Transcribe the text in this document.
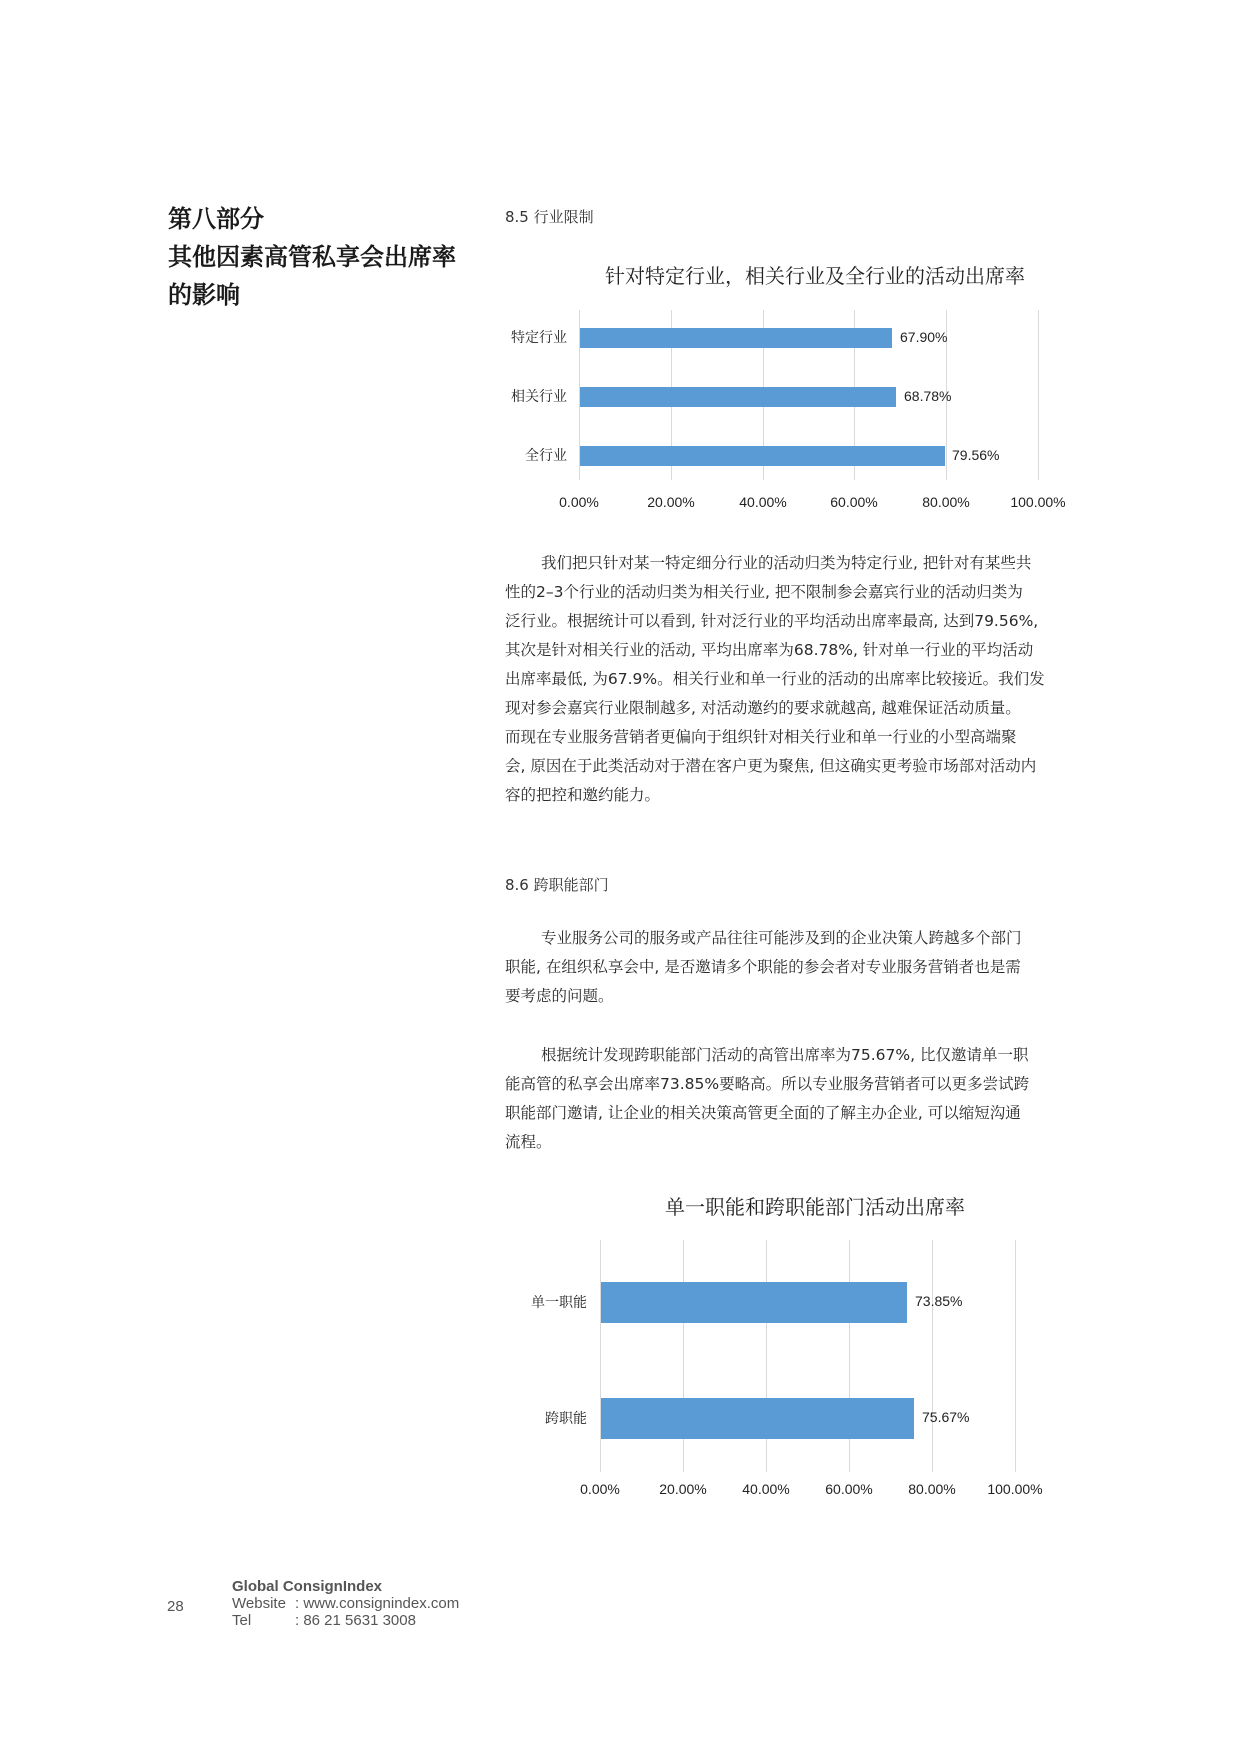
第八部分
其他因素高管私享会出席率
的影响
8.5 行业限制
针对特定行业，相关行业及全行业的活动出席率
特定行业	67.90%
相关行业	68.78%
全行业	79.56%
0.00%	20.00%	40.00%	60.00%	80.00%	100.00%
我们把只针对某一特定细分行业的活动归类为特定行业, 把针对有某些共
性的2–3个行业的活动归类为相关行业, 把不限制参会嘉宾行业的活动归类为
泛行业。根据统计可以看到, 针对泛行业的平均活动出席率最高, 达到79.56%,
其次是针对相关行业的活动, 平均出席率为68.78%, 针对单一行业的平均活动
出席率最低, 为67.9%。相关行业和单一行业的活动的出席率比较接近。我们发
现对参会嘉宾行业限制越多, 对活动邀约的要求就越高, 越难保证活动质量。
而现在专业服务营销者更偏向于组织针对相关行业和单一行业的小型高端聚
会, 原因在于此类活动对于潜在客户更为聚焦, 但这确实更考验市场部对活动内
容的把控和邀约能力。
8.6 跨职能部门
专业服务公司的服务或产品往往可能涉及到的企业决策人跨越多个部门
职能, 在组织私享会中, 是否邀请多个职能的参会者对专业服务营销者也是需
要考虑的问题。
根据统计发现跨职能部门活动的高管出席率为75.67%, 比仅邀请单一职
能高管的私享会出席率73.85%要略高。所以专业服务营销者可以更多尝试跨
职能部门邀请, 让企业的相关决策高管更全面的了解主办企业, 可以缩短沟通
流程。
单一职能和跨职能部门活动出席率
单一职能	73.85%
跨职能	75.67%
0.00%	20.00%	40.00%	60.00%	80.00% 100.00%
28
Global ConsignIndex
Website : www.consignindex.com
Tel	: 86 21 5631 3008
